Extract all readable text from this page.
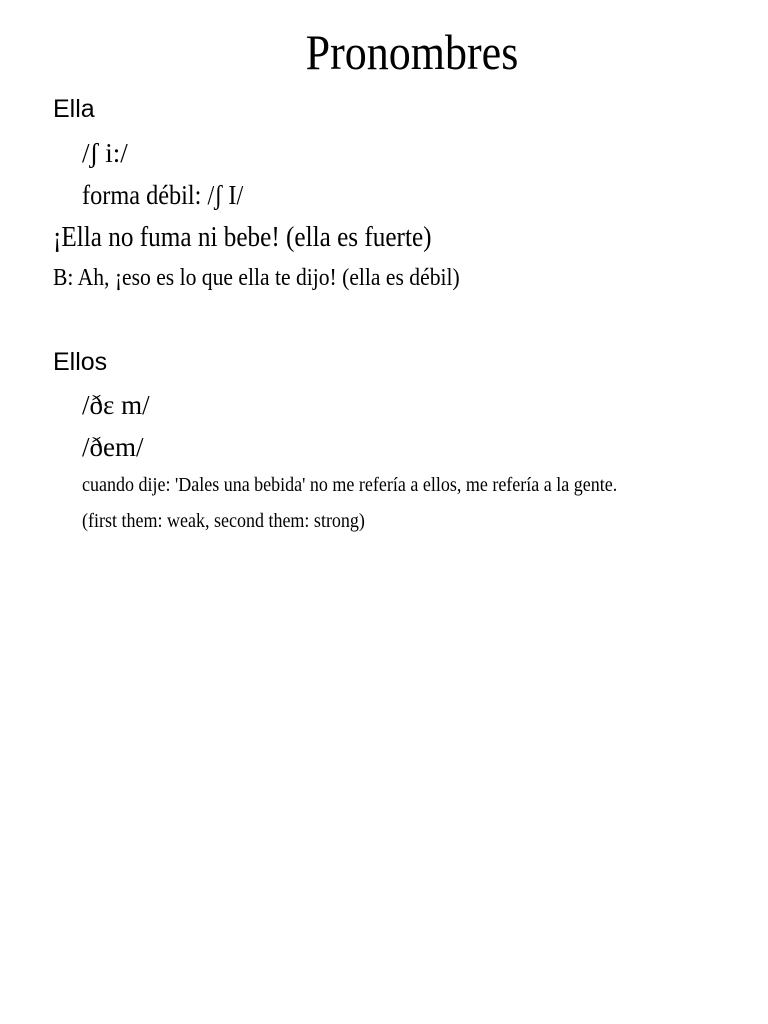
Pronombres
Ella
/ʃ i:/
forma débil: /ʃ I/
¡Ella no fuma ni bebe! (ella es fuerte)
B: Ah, ¡eso es lo que ella te dijo! (ella es débil)
Ellos
/ðɛ m/
/ðem/
cuando dije: 'Dales una bebida' no me refería a ellos, me refería a la gente.
(first them: weak, second them: strong)
